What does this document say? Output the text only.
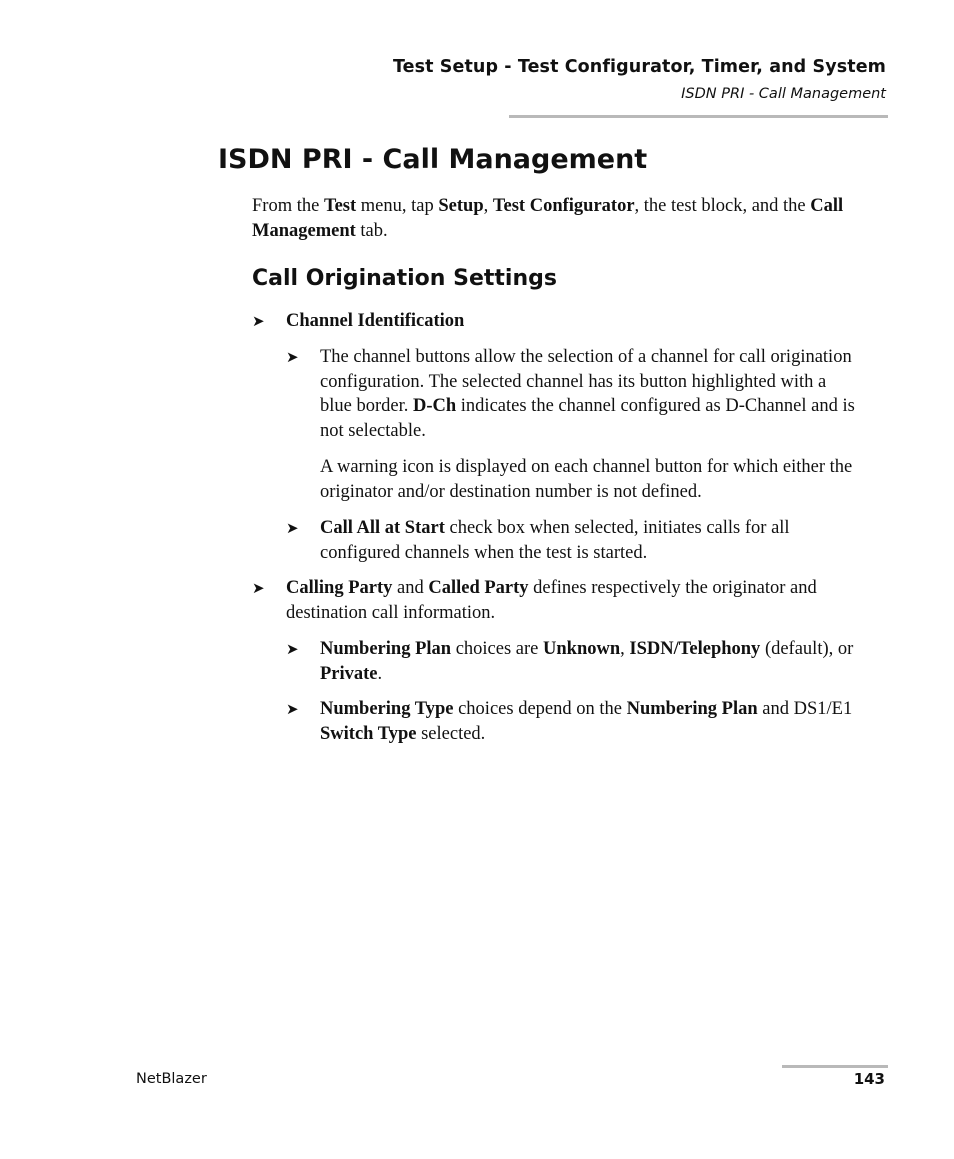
Test Setup - Test Configurator, Timer, and System
ISDN PRI - Call Management
ISDN PRI - Call Management

From the Test menu, tap Setup, Test Configurator, the test block, and the Call Management tab.

Call Origination Settings
➤ Channel Identification
➤ The channel buttons allow the selection of a channel for call origination configuration. The selected channel has its button highlighted with a blue border. D-Ch indicates the channel configured as D-Channel and is not selectable.

A warning icon is displayed on each channel button for which either the originator and/or destination number is not defined.

➤ Call All at Start check box when selected, initiates calls for all configured channels when the test is started.
➤ Calling Party and Called Party defines respectively the originator and destination call information.
➤ Numbering Plan choices are Unknown, ISDN/Telephony (default), or Private.
➤ Numbering Type choices depend on the Numbering Plan and DS1/E1 Switch Type selected.
NetBlazer	143
